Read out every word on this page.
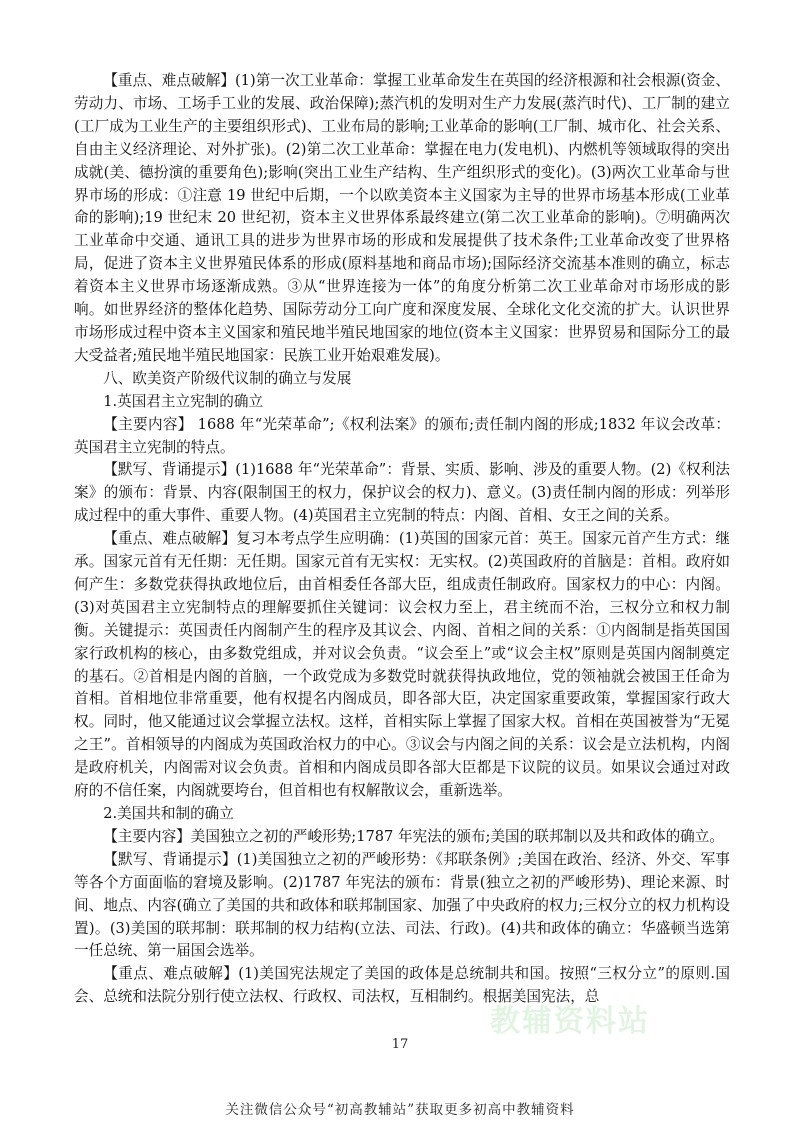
【重点、难点破解】(1)第一次工业革命：掌握工业革命发生在英国的经济根源和社会根源(资金、劳动力、市场、工场手工业的发展、政治保障);蒸汽机的发明对生产力发展(蒸汽时代)、工厂制的建立(工厂成为工业生产的主要组织形式)、工业布局的影响;工业革命的影响(工厂制、城市化、社会关系、自由主义经济理论、对外扩张)。(2)第二次工业革命：掌握在电力(发电机)、内燃机等领域取得的突出成就(美、德扮演的重要角色);影响(突出工业生产结构、生产组织形式的变化)。(3)两次工业革命与世界市场的形成：①注意 19 世纪中后期，一个以欧美资本主义国家为主导的世界市场基本形成(工业革命的影响);19 世纪末 20 世纪初，资本主义世界体系最终建立(第二次工业革命的影响)。⑦明确两次工业革命中交通、通讯工具的进步为世界市场的形成和发展提供了技术条件;工业革命改变了世界格局，促进了资本主义世界殖民体系的形成(原料基地和商品市场);国际经济交流基本准则的确立，标志着资本主义世界市场逐渐成熟。③从“世界连接为一体”的角度分析第二次工业革命对市场形成的影响。如世界经济的整体化趋势、国际劳动分工向广度和深度发展、全球化文化交流的扩大。认识世界市场形成过程中资本主义国家和殖民地半殖民地国家的地位(资本主义国家：世界贸易和国际分工的最大受益者;殖民地半殖民地国家：民族工业开始艰难发展)。

八、欧美资产阶级代议制的确立与发展

1.英国君主立宪制的确立

【主要内容】 1688 年“光荣革命”;《权利法案》的颁布;责任制内阁的形成;1832 年议会改革：英国君主立宪制的特点。

【默写、背诵提示】(1)1688 年“光荣革命”：背景、实质、影响、涉及的重要人物。(2)《权利法案》的颁布：背景、内容(限制国王的权力，保护议会的权力)、意义。(3)责任制内阁的形成：列举形成过程中的重大事件、重要人物。(4)英国君主立宪制的特点：内阁、首相、女王之间的关系。

【重点、难点破解】复习本考点学生应明确：(1)英国的国家元首：英王。国家元首产生方式：继承。国家元首有无任期：无任期。国家元首有无实权：无实权。(2)英国政府的首脑是：首相。政府如何产生：多数党获得执政地位后，由首相委任各部大臣，组成责任制政府。国家权力的中心：内阁。(3)对英国君主立宪制特点的理解要抓住关键词：议会权力至上，君主统而不治，三权分立和权力制衡。关键提示：英国责任内阁制产生的程序及其议会、内阁、首相之间的关系：①内阁制是指英国国家行政机构的核心，由多数党组成，并对议会负责。“议会至上”或“议会主权”原则是英国内阁制奠定的基石。②首相是内阁的首脑，一个政党成为多数党时就获得执政地位，党的领袖就会被国王任命为首相。首相地位非常重要，他有权提名内阁成员，即各部大臣，决定国家重要政策，掌握国家行政大权。同时，他又能通过议会掌握立法权。这样，首相实际上掌握了国家大权。首相在英国被誉为“无冕之王”。首相领导的内阁成为英国政治权力的中心。③议会与内阁之间的关系：议会是立法机构，内阁是政府机关，内阁需对议会负责。首相和内阁成员即各部大臣都是下议院的议员。如果议会通过对政府的不信任案，内阁就要垮台，但首相也有权解散议会，重新选举。

2.美国共和制的确立

【主要内容】美国独立之初的严峻形势;1787 年宪法的颁布;美国的联邦制以及共和政体的确立。

【默写、背诵提示】(1)美国独立之初的严峻形势：《邦联条例》;美国在政治、经济、外交、军事等各个方面面临的窘境及影响。(2)1787 年宪法的颁布：背景(独立之初的严峻形势)、理论来源、时间、地点、内容(确立了美国的共和政体和联邦制国家、加强了中央政府的权力;三权分立的权力机构设置)。(3)美国的联邦制：联邦制的权力结构(立法、司法、行政)。(4)共和政体的确立：华盛顿当选第一任总统、第一届国会选举。

【重点、难点破解】(1)美国宪法规定了美国的政体是总统制共和国。按照“三权分立”的原则.国会、总统和法院分别行使立法权、行政权、司法权，互相制约。根据美国宪法，总

教辅资料站
17
关注微信公众号“初高教辅站”获取更多初高中教辅资料
